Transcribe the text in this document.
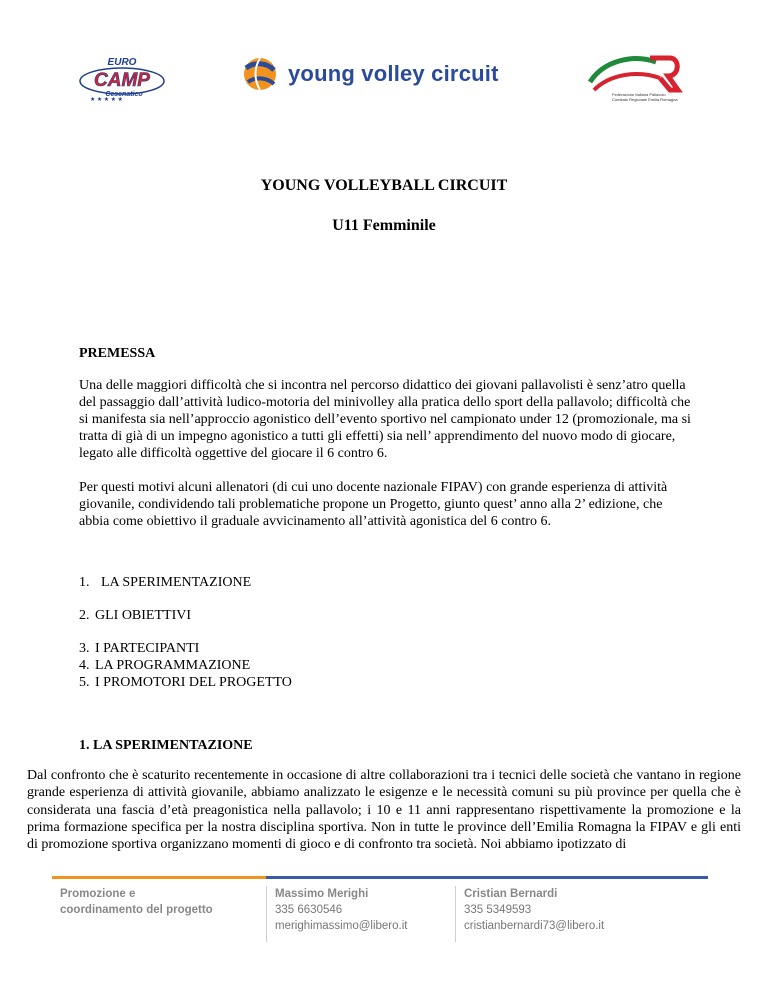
EURO
CAMP
Cesenatico
★ ★ ★ ★ ★
young volley circuit
Federazione Italiana Pallavolo
Comitato Regionale Emilia Romagna
YOUNG VOLLEYBALL CIRCUIT
U11 Femminile
PREMESSA

Una delle maggiori difficoltà che si incontra nel percorso didattico dei giovani pallavolisti è senz’atro quella del passaggio dall’attività ludico-motoria del minivolley alla pratica dello sport della pallavolo; difficoltà che si manifesta sia nell’approccio agonistico dell’evento sportivo nel campionato under 12 (promozionale, ma si tratta di già di un impegno agonistico a tutti gli effetti) sia nell’ apprendimento del nuovo modo di giocare, legato alle difficoltà oggettive del giocare il 6 contro 6.

Per questi motivi alcuni allenatori (di cui uno docente nazionale FIPAV) con grande esperienza di attività giovanile, condividendo tali problematiche propone un Progetto, giunto quest’ anno alla 2’ edizione, che abbia come obiettivo il graduale avvicinamento all’attività agonistica del 6 contro 6.

1. LA SPERIMENTAZIONE
2. GLI OBIETTIVI
3. I PARTECIPANTI
4. LA PROGRAMMAZIONE
5. I PROMOTORI DEL PROGETTO
1. LA SPERIMENTAZIONE

Dal confronto che è scaturito recentemente in occasione di altre collaborazioni tra i tecnici delle società che vantano in regione grande esperienza di attività giovanile, abbiamo analizzato le esigenze e le necessità comuni su più province per quella che è considerata una fascia d’età preagonistica nella pallavolo; i 10 e 11 anni rappresentano rispettivamente la promozione e la prima formazione specifica per la nostra disciplina sportiva. Non in tutte le province dell’Emilia Romagna la FIPAV e gli enti di promozione sportiva organizzano momenti di gioco e di confronto tra società. Noi abbiamo ipotizzato di

Promozione e
coordinamento del progetto
Massimo Merighi
335 6630546
merighimassimo@libero.it
Cristian Bernardi
335 5349593
cristianbernardi73@libero.it
